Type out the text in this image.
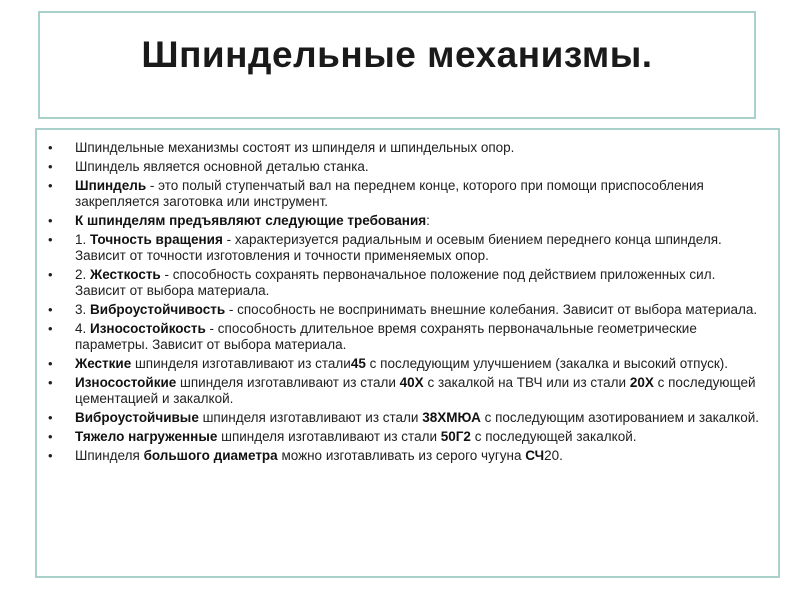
Шпиндельные механизмы.
• Шпиндельные механизмы состоят из шпинделя и шпиндельных опор.
• Шпиндель является основной деталью станка.
• Шпиндель - это полый ступенчатый вал на переднем конце, которого при помощи приспособления закрепляется заготовка или инструмент.
• К шпинделям предъявляют следующие требования:
• 1. Точность вращения - характеризуется радиальным и осевым биением переднего конца шпинделя. Зависит от точности изготовления и точности применяемых опор.
• 2. Жесткость - способность сохранять первоначальное положение под действием приложенных сил. Зависит от выбора материала.
• 3. Виброустойчивость - способность не воспринимать внешние колебания. Зависит от выбора материала.
• 4. Износостойкость - способность длительное время сохранять первоначальные геометрические параметры. Зависит от выбора материала.
• Жесткие шпинделя изготавливают из стали45 с последующим улучшением (закалка и высокий отпуск).
• Износостойкие шпинделя изготавливают из стали 40Х с закалкой на ТВЧ или из стали 20Х с последующей цементацией и закалкой.
• Виброустойчивые шпинделя изготавливают из стали 38ХМЮА с последующим азотированием и закалкой.
• Тяжело нагруженные шпинделя изготавливают из стали 50Г2 с последующей закалкой.
• Шпинделя большого диаметра можно изготавливать из серого чугуна СЧ20.
